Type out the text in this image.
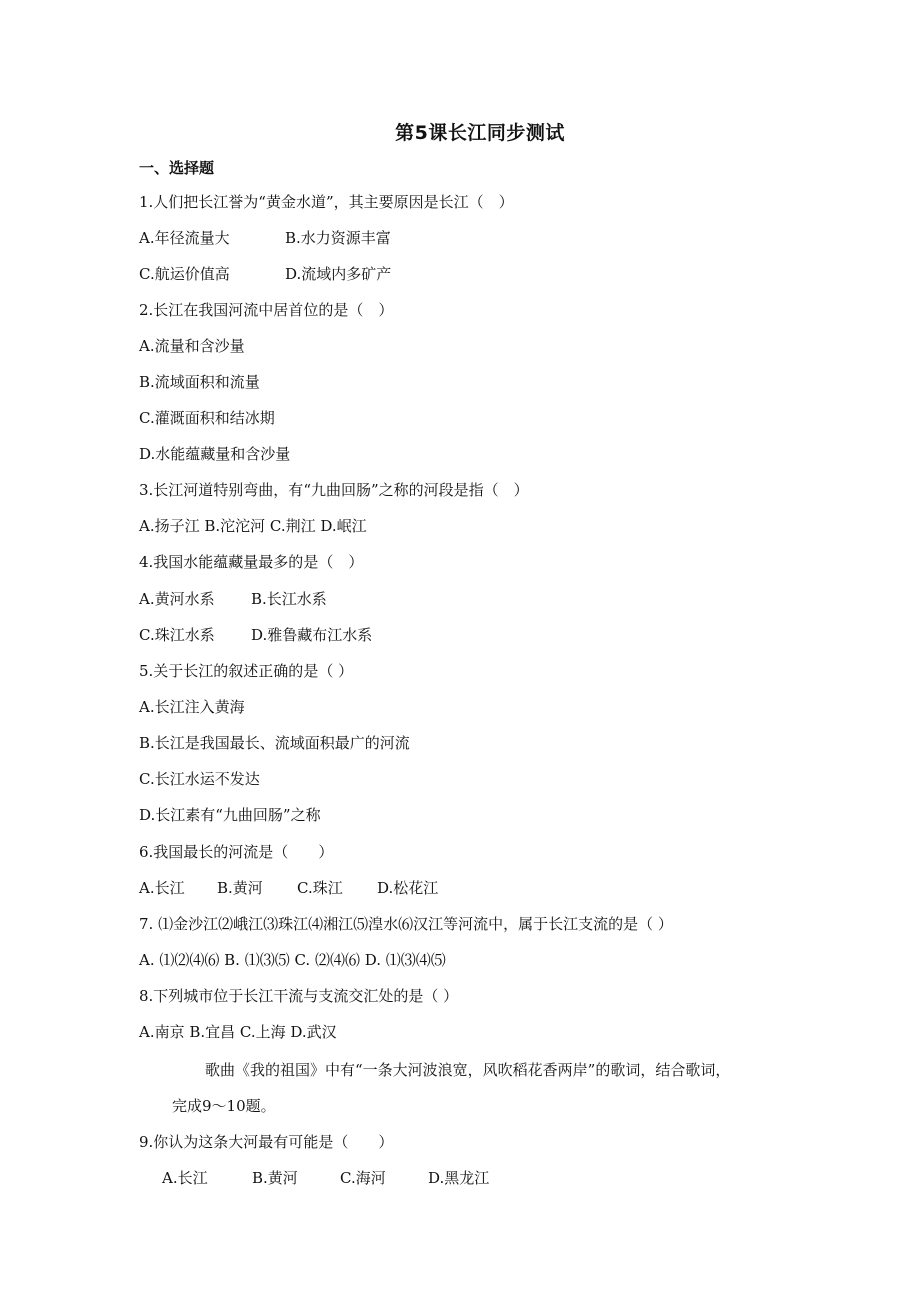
第5课长江同步测试
一、选择题
1.人们把长江誉为“黄金水道”，其主要原因是长江（　）
A.年径流量大	B.水力资源丰富
C.航运价值高	D.流域内多矿产
2.长江在我国河流中居首位的是（　）
A.流量和含沙量
B.流域面积和流量
C.灌溉面积和结冰期
D.水能蕴藏量和含沙量
3.长江河道特别弯曲，有“九曲回肠”之称的河段是指（　）
A.扬子江 B.沱沱河 C.荆江 D.岷江
4.我国水能蕴藏量最多的是（　）
A.黄河水系	B.长江水系
C.珠江水系	D.雅鲁藏布江水系
5.关于长江的叙述正确的是（ ）
A.长江注入黄海
B.长江是我国最长、流域面积最广的河流
C.长江水运不发达
D.长江素有“九曲回肠”之称
6.我国最长的河流是（　　）
A.长江	B.黄河	C.珠江	D.松花江
7. ⑴金沙江⑵峨江⑶珠江⑷湘江⑸湟水⑹汉江等河流中，属于长江支流的是（ ）
A. ⑴⑵⑷⑹ B. ⑴⑶⑸ C. ⑵⑷⑹ D. ⑴⑶⑷⑸
8.下列城市位于长江干流与支流交汇处的是（ ）
A.南京 B.宜昌 C.上海 D.武汉
歌曲《我的祖国》中有“一条大河波浪宽，风吹稻花香两岸”的歌词，结合歌词，
完成9～10题。
9.你认为这条大河最有可能是（　　）
A.长江	B.黄河	C.海河	D.黑龙江
